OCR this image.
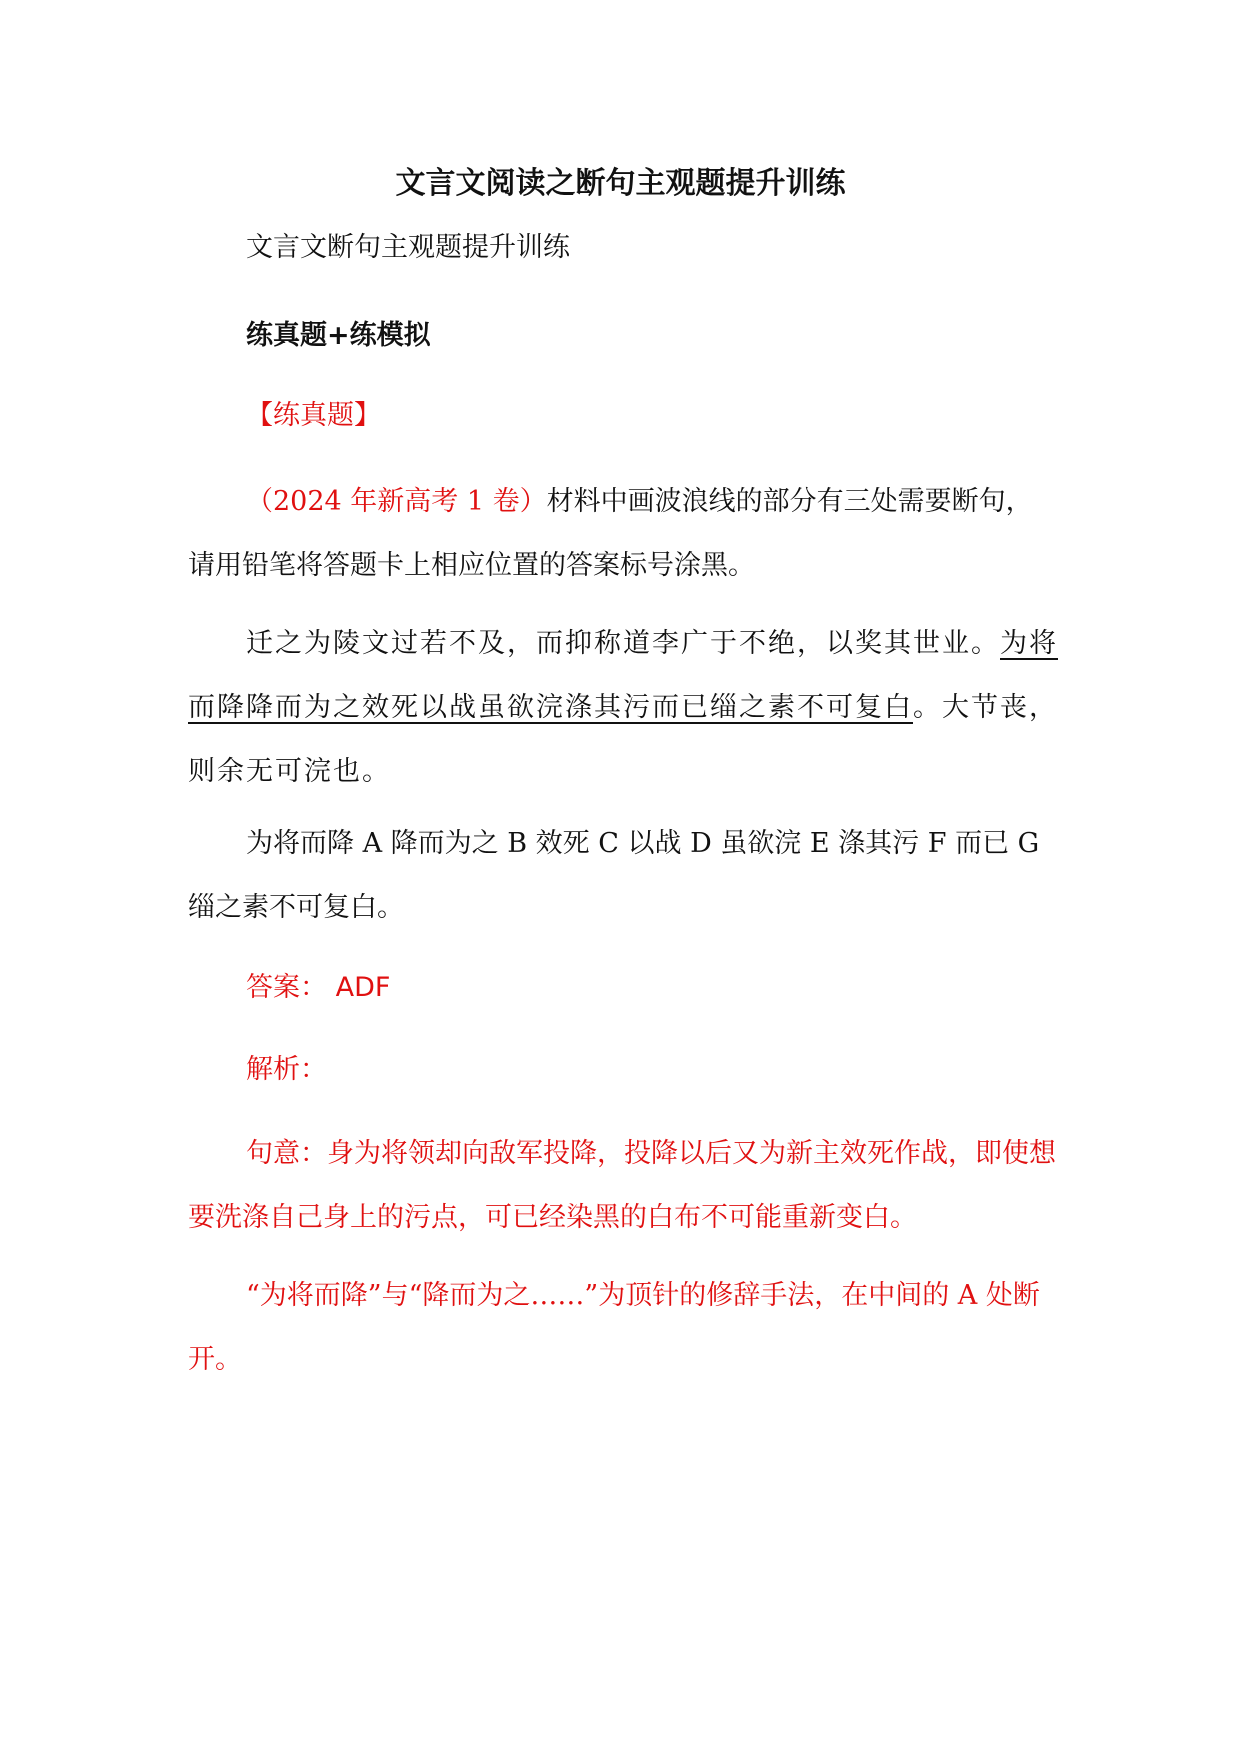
文言文阅读之断句主观题提升训练
文言文断句主观题提升训练
练真题+练模拟
【练真题】

（2024 年新高考 1 卷）材料中画波浪线的部分有三处需要断句，请用铅笔将答题卡上相应位置的答案标号涂黑。

迁之为陵文过若不及，而抑称道李广于不绝，以奖其世业。为将而降降而为之效死以战虽欲浣涤其污而已缁之素不可复白。大节丧，则余无可浣也。

为将而降 A 降而为之 B 效死 C 以战 D 虽欲浣 E 涤其污 F 而已 G 缁之素不可复白。

答案： ADF

解析：

句意：身为将领却向敌军投降，投降以后又为新主效死作战，即使想要洗涤自己身上的污点，可已经染黑的白布不可能重新变白。

“为将而降”与“降而为之……”为顶针的修辞手法，在中间的 A 处断开。
